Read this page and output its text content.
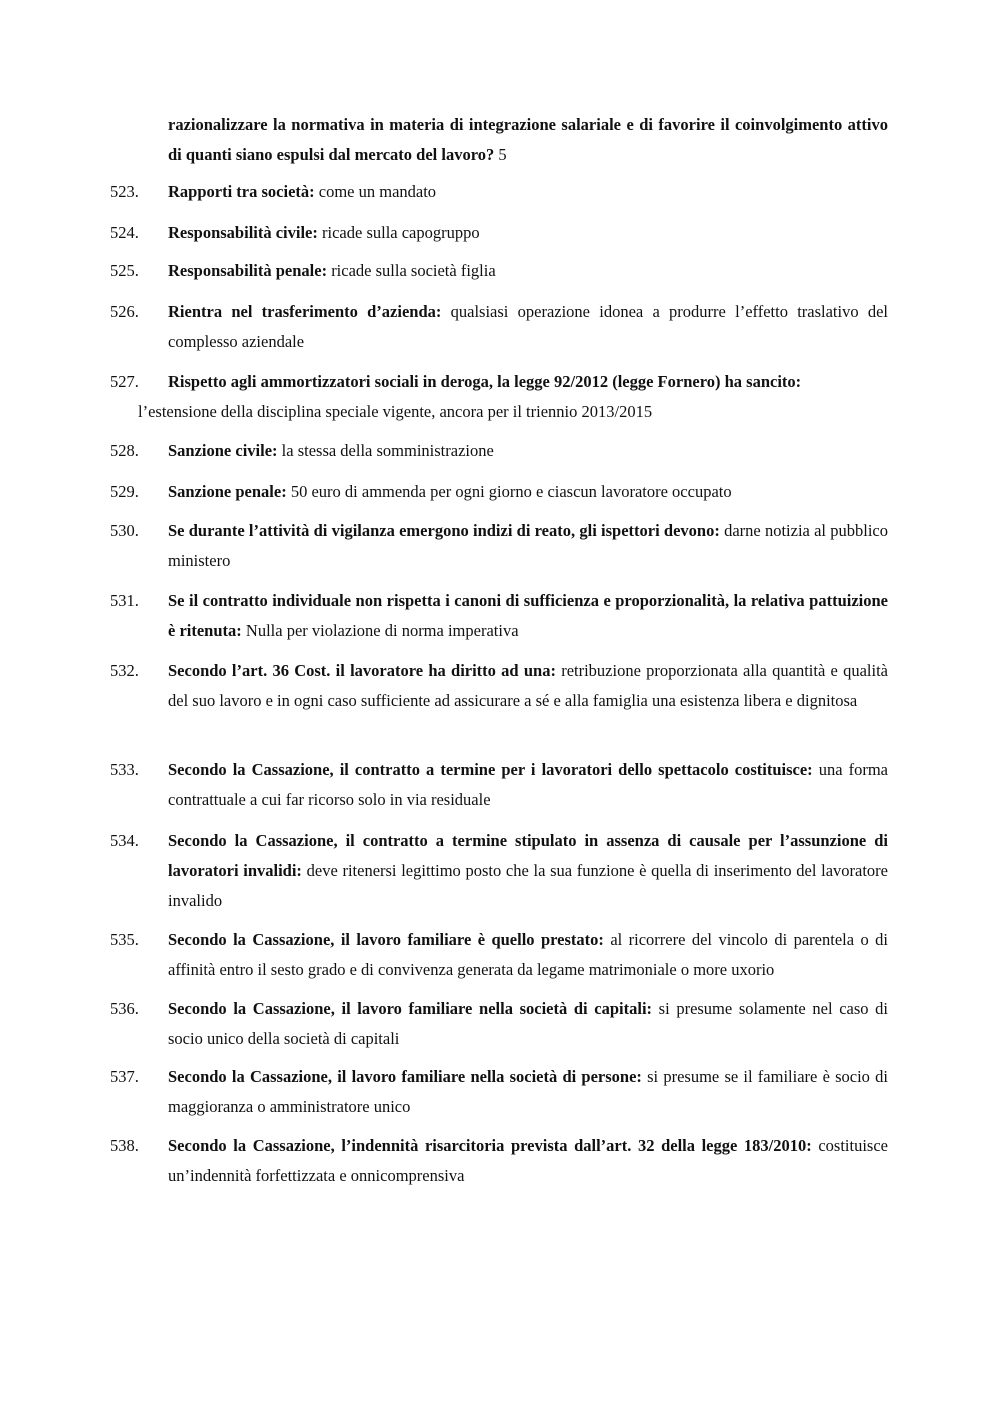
razionalizzare la normativa in materia di integrazione salariale e di favorire il coinvolgimento attivo di quanti siano espulsi dal mercato del lavoro? 5
523. Rapporti tra società: come un mandato
524. Responsabilità civile: ricade sulla capogruppo
525. Responsabilità penale: ricade sulla società figlia
526. Rientra nel trasferimento d’azienda: qualsiasi operazione idonea a produrre l’effetto traslativo del complesso aziendale
527. Rispetto agli ammortizzatori sociali in deroga, la legge 92/2012 (legge Fornero) ha sancito:
l’estensione della disciplina speciale vigente, ancora per il triennio 2013/2015
528. Sanzione civile: la stessa della somministrazione
529. Sanzione penale: 50 euro di ammenda per ogni giorno e ciascun lavoratore occupato
530. Se durante l’attività di vigilanza emergono indizi di reato, gli ispettori devono: darne notizia al pubblico ministero
531. Se il contratto individuale non rispetta i canoni di sufficienza e proporzionalità, la relativa pattuizione è ritenuta: Nulla per violazione di norma imperativa
532. Secondo l’art. 36 Cost. il lavoratore ha diritto ad una: retribuzione proporzionata alla quantità e qualità del suo lavoro e in ogni caso sufficiente ad assicurare a sé e alla famiglia una esistenza libera e dignitosa
533. Secondo la Cassazione, il contratto a termine per i lavoratori dello spettacolo costituisce: una forma contrattuale a cui far ricorso solo in via residuale
534. Secondo la Cassazione, il contratto a termine stipulato in assenza di causale per l’assunzione di lavoratori invalidi: deve ritenersi legittimo posto che la sua funzione è quella di inserimento del lavoratore invalido
535. Secondo la Cassazione, il lavoro familiare è quello prestato: al ricorrere del vincolo di parentela o di affinità entro il sesto grado e di convivenza generata da legame matrimoniale o more uxorio
536. Secondo la Cassazione, il lavoro familiare nella società di capitali: si presume solamente nel caso di socio unico della società di capitali
537. Secondo la Cassazione, il lavoro familiare nella società di persone: si presume se il familiare è socio di maggioranza o amministratore unico
538. Secondo la Cassazione, l’indennità risarcitoria prevista dall’art. 32 della legge 183/2010: costituisce un’indennità forfettizzata e onnicomprensiva
